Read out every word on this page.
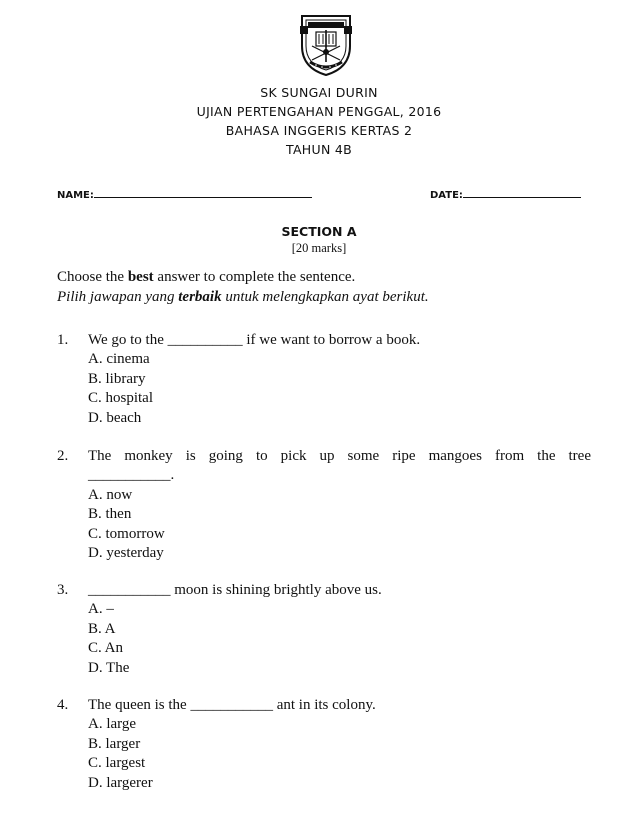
SK SUNGAI DURIN
UJIAN PERTENGAHAN PENGGAL, 2016
BAHASA INGGERIS KERTAS 2
TAHUN 4B
NAME:	DATE:
SECTION A
[20 marks]
Choose the best answer to complete the sentence.
Pilih jawapan yang terbaik untuk melengkapkan ayat berikut.
1.	We go to the __________ if we want to borrow a book.
A. cinema
B. library
C. hospital
D. beach
2.	The monkey is going to pick up some ripe mangoes from the tree
___________.
A. now
B. then
C. tomorrow
D. yesterday
3.	___________ moon is shining brightly above us.
A. –
B. A
C. An
D. The
4.	The queen is the ___________ ant in its colony.
A. large
B. larger
C. largest
D. largerer
